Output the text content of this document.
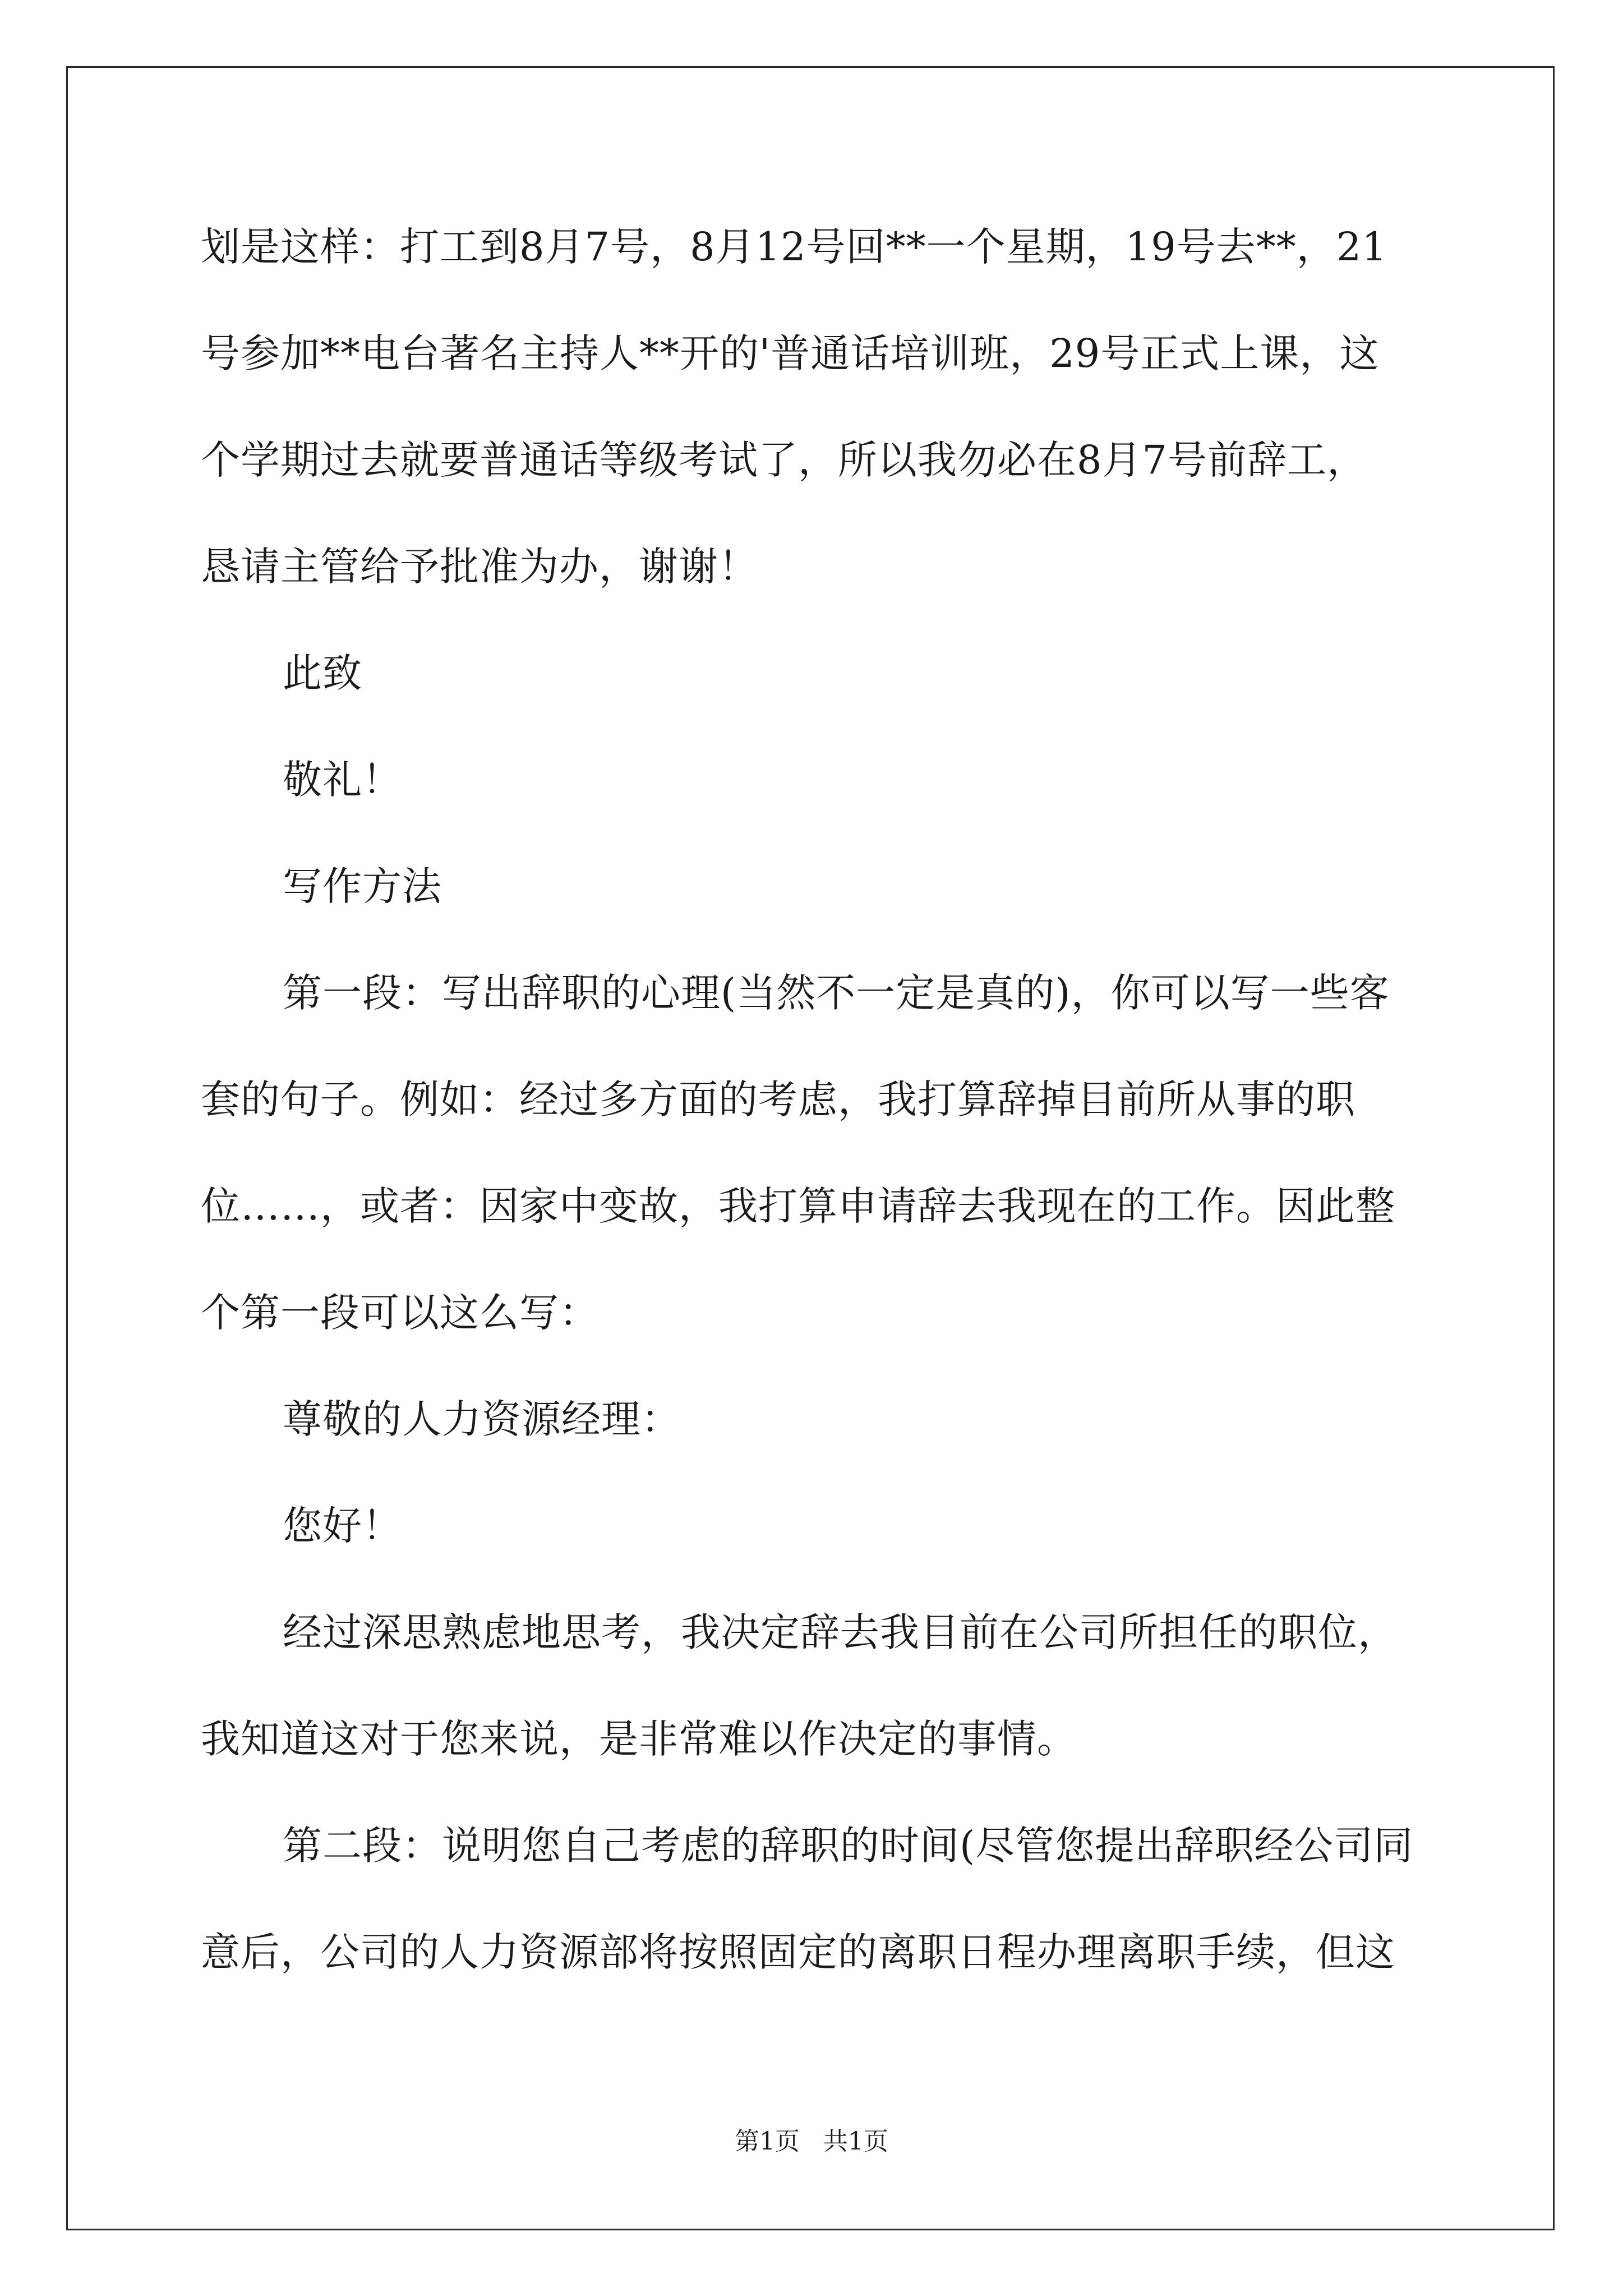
划是这样：打工到8月7号，8月12号回**一个星期，19号去**，21
号参加**电台著名主持人**开的'普通话培训班，29号正式上课，这
个学期过去就要普通话等级考试了，所以我勿必在8月7号前辞工，
恳请主管给予批准为办，谢谢！
此致
敬礼！
写作方法
第一段：写出辞职的心理(当然不一定是真的)，你可以写一些客
套的句子。例如：经过多方面的考虑，我打算辞掉目前所从事的职
位……，或者：因家中变故，我打算申请辞去我现在的工作。因此整
个第一段可以这么写：
尊敬的人力资源经理：
您好！
经过深思熟虑地思考，我决定辞去我目前在公司所担任的职位，
我知道这对于您来说，是非常难以作决定的事情。
第二段：说明您自己考虑的辞职的时间(尽管您提出辞职经公司同
意后，公司的人力资源部将按照固定的离职日程办理离职手续，但这
第1页   共1页
